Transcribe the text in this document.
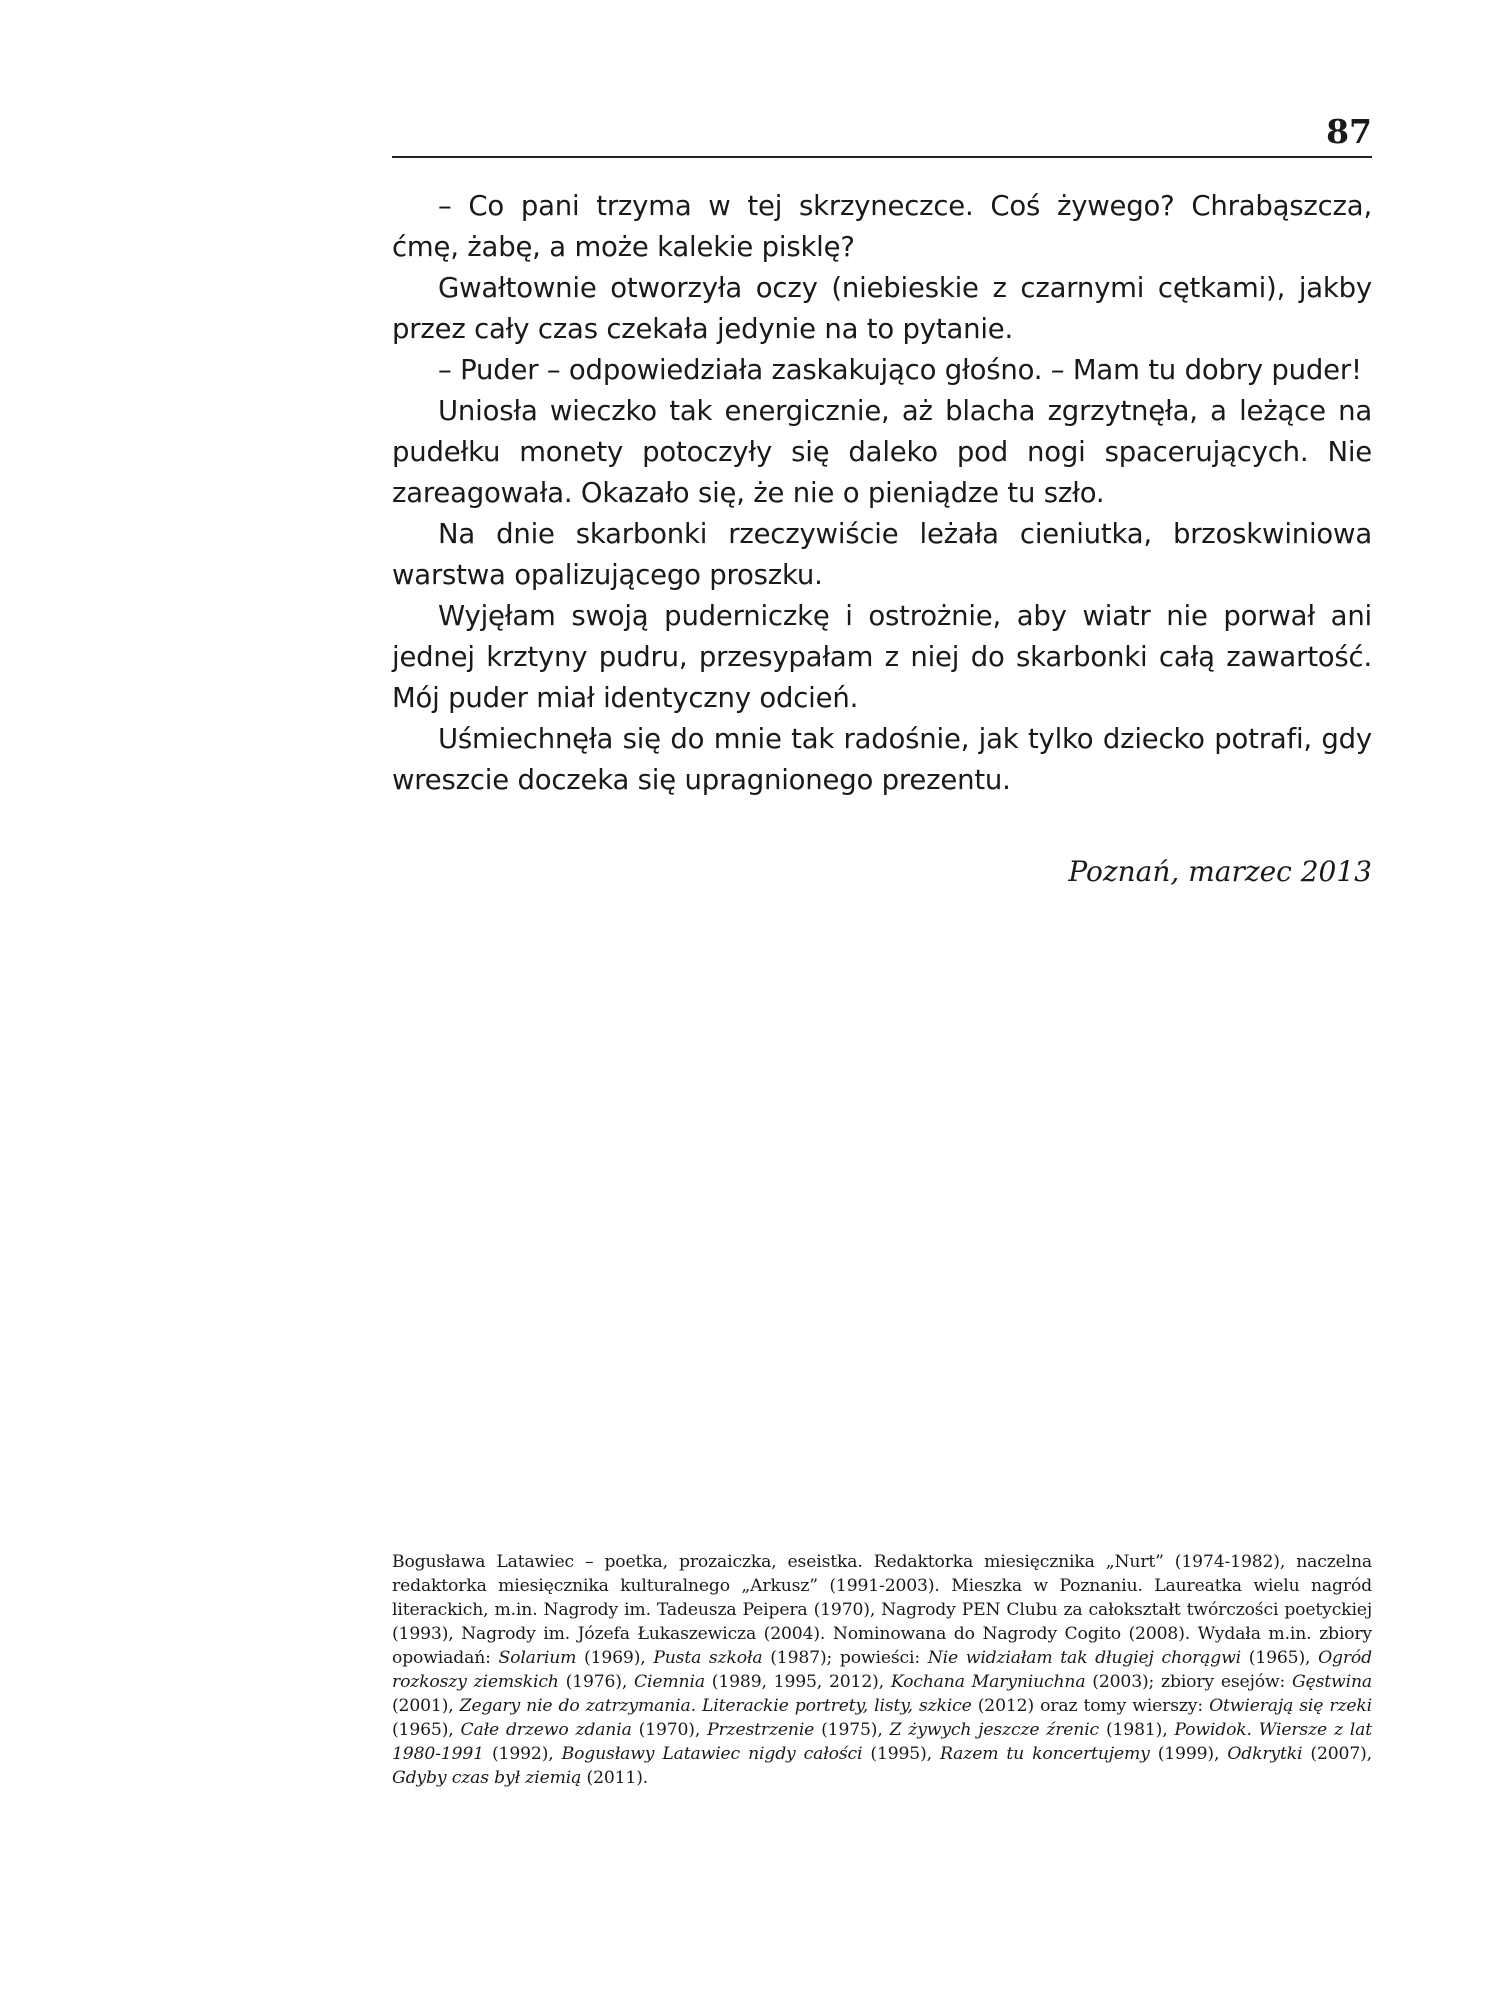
87

– Co pani trzyma w tej skrzyneczce. Coś żywego? Chrabąszcza, ćmę, żabę, a może kalekie pisklę?

Gwałtownie otworzyła oczy (niebieskie z czarnymi cętkami), jakby przez cały czas czekała jedynie na to pytanie.

– Puder – odpowiedziała zaskakująco głośno. – Mam tu dobry puder!

Uniosła wieczko tak energicznie, aż blacha zgrzytnęła, a leżące na pudełku monety potoczyły się daleko pod nogi spacerujących. Nie zareagowała. Okazało się, że nie o pieniądze tu szło.

Na dnie skarbonki rzeczywiście leżała cieniutka, brzoskwiniowa warstwa opalizującego proszku.

Wyjęłam swoją puderniczkę i ostrożnie, aby wiatr nie porwał ani jednej krztyny pudru, przesypałam z niej do skarbonki całą zawartość. Mój puder miał identyczny odcień.

Uśmiechnęła się do mnie tak radośnie, jak tylko dziecko potrafi, gdy wreszcie doczeka się upragnionego prezentu.

Poznań, marzec 2013
Bogusława Latawiec – poetka, prozaiczka, eseistka. Redaktorka miesięcznika „Nurt” (1974-1982), naczelna redaktorka miesięcznika kulturalnego „Arkusz” (1991-2003). Mieszka w Poznaniu. Laureatka wielu nagród literackich, m.in. Nagrody im. Tadeusza Peipera (1970), Nagrody PEN Clubu za całokształt twórczości poetyckiej (1993), Nagrody im. Józefa Łukaszewicza (2004). Nominowana do Nagrody Cogito (2008). Wydała m.in. zbiory opowiadań: Solarium (1969), Pusta szkoła (1987); powieści: Nie widziałam tak długiej chorągwi (1965), Ogród rozkoszy ziemskich (1976), Ciemnia (1989, 1995, 2012), Kochana Maryniuchna (2003); zbiory esejów: Gęstwina (2001), Zegary nie do zatrzymania. Literackie portrety, listy, szkice (2012) oraz tomy wierszy: Otwierają się rzeki (1965), Całe drzewo zdania (1970), Przestrzenie (1975), Z żywych jeszcze źrenic (1981), Powidok. Wiersze z lat 1980-1991 (1992), Bogusławy Latawiec nigdy całości (1995), Razem tu koncertujemy (1999), Odkrytki (2007), Gdyby czas był ziemią (2011).
